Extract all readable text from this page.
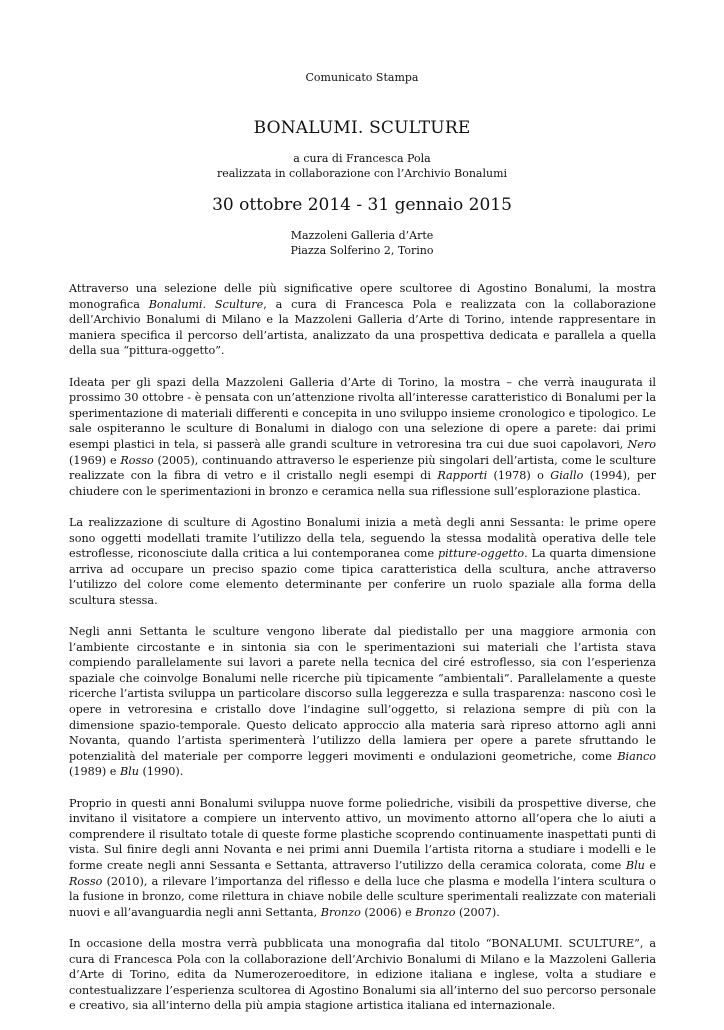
Comunicato Stampa
BONALUMI. SCULTURE
a cura di Francesca Pola
realizzata in collaborazione con l’Archivio Bonalumi
30 ottobre 2014 - 31 gennaio 2015
Mazzoleni Galleria d’Arte
Piazza Solferino 2, Torino

Attraverso una selezione delle più significative opere scultoree di Agostino Bonalumi, la mostra monografica Bonalumi. Sculture, a cura di Francesca Pola e realizzata con la collaborazione dell’Archivio Bonalumi di Milano e la Mazzoleni Galleria d’Arte di Torino, intende rappresentare in maniera specifica il percorso dell’artista, analizzato da una prospettiva dedicata e parallela a quella della sua “pittura-oggetto”.

Ideata per gli spazi della Mazzoleni Galleria d’Arte di Torino, la mostra – che verrà inaugurata il prossimo 30 ottobre - è pensata con un’attenzione rivolta all’interesse caratteristico di Bonalumi per la sperimentazione di materiali differenti e concepita in uno sviluppo insieme cronologico e tipologico. Le sale ospiteranno le sculture di Bonalumi in dialogo con una selezione di opere a parete: dai primi esempi plastici in tela, si passerà alle grandi sculture in vetroresina tra cui due suoi capolavori, Nero (1969) e Rosso (2005), continuando attraverso le esperienze più singolari dell’artista, come le sculture realizzate con la fibra di vetro e il cristallo negli esempi di Rapporti (1978) o Giallo (1994), per chiudere con le sperimentazioni in bronzo e ceramica nella sua riflessione sull’esplorazione plastica.

La realizzazione di sculture di Agostino Bonalumi inizia a metà degli anni Sessanta: le prime opere sono oggetti modellati tramite l’utilizzo della tela, seguendo la stessa modalità operativa delle tele estroflesse, riconosciute dalla critica a lui contemporanea come pitture-oggetto. La quarta dimensione arriva ad occupare un preciso spazio come tipica caratteristica della scultura, anche attraverso l’utilizzo del colore come elemento determinante per conferire un ruolo spaziale alla forma della scultura stessa.

Negli anni Settanta le sculture vengono liberate dal piedistallo per una maggiore armonia con l’ambiente circostante e in sintonia sia con le sperimentazioni sui materiali che l’artista stava compiendo parallelamente sui lavori a parete nella tecnica del ciré estroflesso, sia con l’esperienza spaziale che coinvolge Bonalumi nelle ricerche più tipicamente “ambientali”. Parallelamente a queste ricerche l’artista sviluppa un particolare discorso sulla leggerezza e sulla trasparenza: nascono così le opere in vetroresina e cristallo dove l’indagine sull’oggetto, si relaziona sempre di più con la dimensione spazio-temporale. Questo delicato approccio alla materia sarà ripreso attorno agli anni Novanta, quando l’artista sperimenterà l’utilizzo della lamiera per opere a parete sfruttando le potenzialità del materiale per comporre leggeri movimenti e ondulazioni geometriche, come Bianco (1989) e Blu (1990).

Proprio in questi anni Bonalumi sviluppa nuove forme poliedriche, visibili da prospettive diverse, che invitano il visitatore a compiere un intervento attivo, un movimento attorno all’opera che lo aiuti a comprendere il risultato totale di queste forme plastiche scoprendo continuamente inaspettati punti di vista. Sul finire degli anni Novanta e nei primi anni Duemila l’artista ritorna a studiare i modelli e le forme create negli anni Sessanta e Settanta, attraverso l’utilizzo della ceramica colorata, come Blu e Rosso (2010), a rilevare l’importanza del riflesso e della luce che plasma e modella l’intera scultura o la fusione in bronzo, come rilettura in chiave nobile delle sculture sperimentali realizzate con materiali nuovi e all’avanguardia negli anni Settanta, Bronzo (2006) e Bronzo (2007).

In occasione della mostra verrà pubblicata una monografia dal titolo “BONALUMI. SCULTURE”, a cura di Francesca Pola con la collaborazione dell’Archivio Bonalumi di Milano e la Mazzoleni Galleria d’Arte di Torino, edita da Numerozeroeditore, in edizione italiana e inglese, volta a studiare e contestualizzare l’esperienza scultorea di Agostino Bonalumi sia all’interno del suo percorso personale e creativo, sia all’interno della più ampia stagione artistica italiana ed internazionale.
